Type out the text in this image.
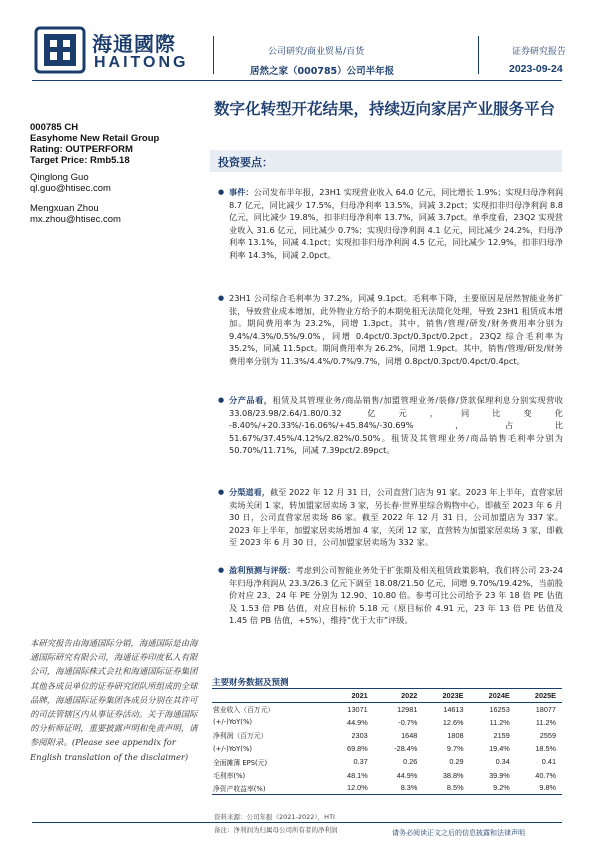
海通國際
HAITONG
公司研究/商业贸易/百货	证券研究报告
居然之家（000785）公司半年报	2023-09-24
000785 CH
Easyhome New Retail Group
Rating: OUTPERFORM
Target Price: Rmb5.18
Qinglong Guo
ql.guo@htisec.com
Mengxuan Zhou
mx.zhou@htisec.com
本研究报告由海通国际分销，海通国际是由海通国际研究有限公司，海通证券印度私人有限公司，海通国际株式会社和海通国际证券集团其他各成员单位的证券研究团队所组成的全球品牌，海通国际证券集团各成员分别在其许可的司法管辖区内从事证券活动。关于海通国际的分析师证明，重要披露声明和免责声明，请参阅附录。(Please see appendix for English translation of the disclaimer)
数字化转型开花结果，持续迈向家居产业服务平台
投资要点：
● 事件：公司发布半年报，23H1 实现营业收入 64.0 亿元，同比增长 1.9%；实现归母净利润 8.7 亿元，同比减少 17.5%，归母净利率 13.5%，同减 3.2pct；实现扣非归母净利润 8.8 亿元，同比减少 19.8%，扣非归母净利率 13.7%，同减 3.7pct。单季度看，23Q2 实现营业收入 31.6 亿元，同比减少 0.7%；实现归母净利润 4.1 亿元，同比减少 24.2%，归母净利率 13.1%，同减 4.1pct；实现扣非归母净利润 4.5 亿元，同比减少 12.9%，扣非归母净利率 14.3%，同减 2.0pct。
● 23H1 公司综合毛利率为 37.2%，同减 9.1pct。毛利率下降，主要原因是居然智能业务扩张，导致营业成本增加，此外物业方给予的本期免租无法简化处理，导致 23H1 租赁成本增加。期间费用率为 23.2%，同增 1.3pct。其中，销售/管理/研发/财务费用率分别为 9.4%/4.3%/0.5%/9.0%，同增 0.4pct/0.3pct/0.3pct/0.2pct。23Q2 综合毛利率为 35.2%，同减 11.5pct。期间费用率为 26.2%，同增 1.9pct。其中，销售/管理/研发/财务费用率分别为 11.3%/4.4%/0.7%/9.7%，同增 0.8pct/0.3pct/0.4pct/0.4pct。
● 分产品看，租赁及其管理业务/商品销售/加盟管理业务/装修/贷款保理利息分别实现营收 33.08/23.98/2.64/1.80/0.32 亿元，同比变化 -8.40%/+20.33%/-16.06%/+45.84%/-30.69%，占比 51.67%/37.45%/4.12%/2.82%/0.50%。租赁及其管理业务/商品销售毛利率分别为 50.70%/11.71%，同减 7.39pct/2.89pct。
● 分渠道看，截至 2022 年 12 月 31 日，公司直营门店为 91 家。2023 年上半年，直营家居卖场关闭 1 家，转加盟家居卖场 3 家，另长春·世界里综合购物中心，即截至 2023 年 6 月 30 日，公司直营家居卖场 86 家。截至 2022 年 12 月 31 日，公司加盟店为 337 家。2023 年上半年，加盟家居卖场增加 4 家，关闭 12 家，直营转为加盟家居卖场 3 家，即截至 2023 年 6 月 30 日，公司加盟家居卖场为 332 家。
● 盈利预测与评级：考虑到公司智能业务处于扩张期及相关租赁政策影响，我们将公司 23-24 年归母净利润从 23.3/26.3 亿元下调至 18.08/21.50 亿元，同增 9.70%/19.42%，当前股价对应 23、24 年 PE 分别为 12.90、10.80 倍。参考可比公司给予 23 年 18 倍 PE 估值及 1.53 倍 PB 估值，对应目标价 5.18 元（原目标价 4.91 元，23 年 13 倍 PE 估值及 1.45 倍 PB 估值，+5%），维持“优于大市”评级。
主要财务数据及预测
	2021	2022	2023E	2024E	2025E
营业收入（百万元）	13071	12981	14613	16253	18077
(+/-)YoY(%)	44.9%	-0.7%	12.6%	11.2%	11.2%
净利润（百万元）	2303	1648	1808	2159	2559
(+/-)YoY(%)	69.8%	-28.4%	9.7%	19.4%	18.5%
全面摊薄 EPS(元)	0.37	0.26	0.29	0.34	0.41
毛利率(%)	48.1%	44.9%	38.8%	39.9%	40.7%
净资产收益率(%)	12.0%	8.3%	8.5%	9.2%	9.8%
资料来源：公司年报（2021-2022），HTI
备注：净利润为归属母公司所有者的净利润	请务必阅读正文之后的信息披露和法律声明
